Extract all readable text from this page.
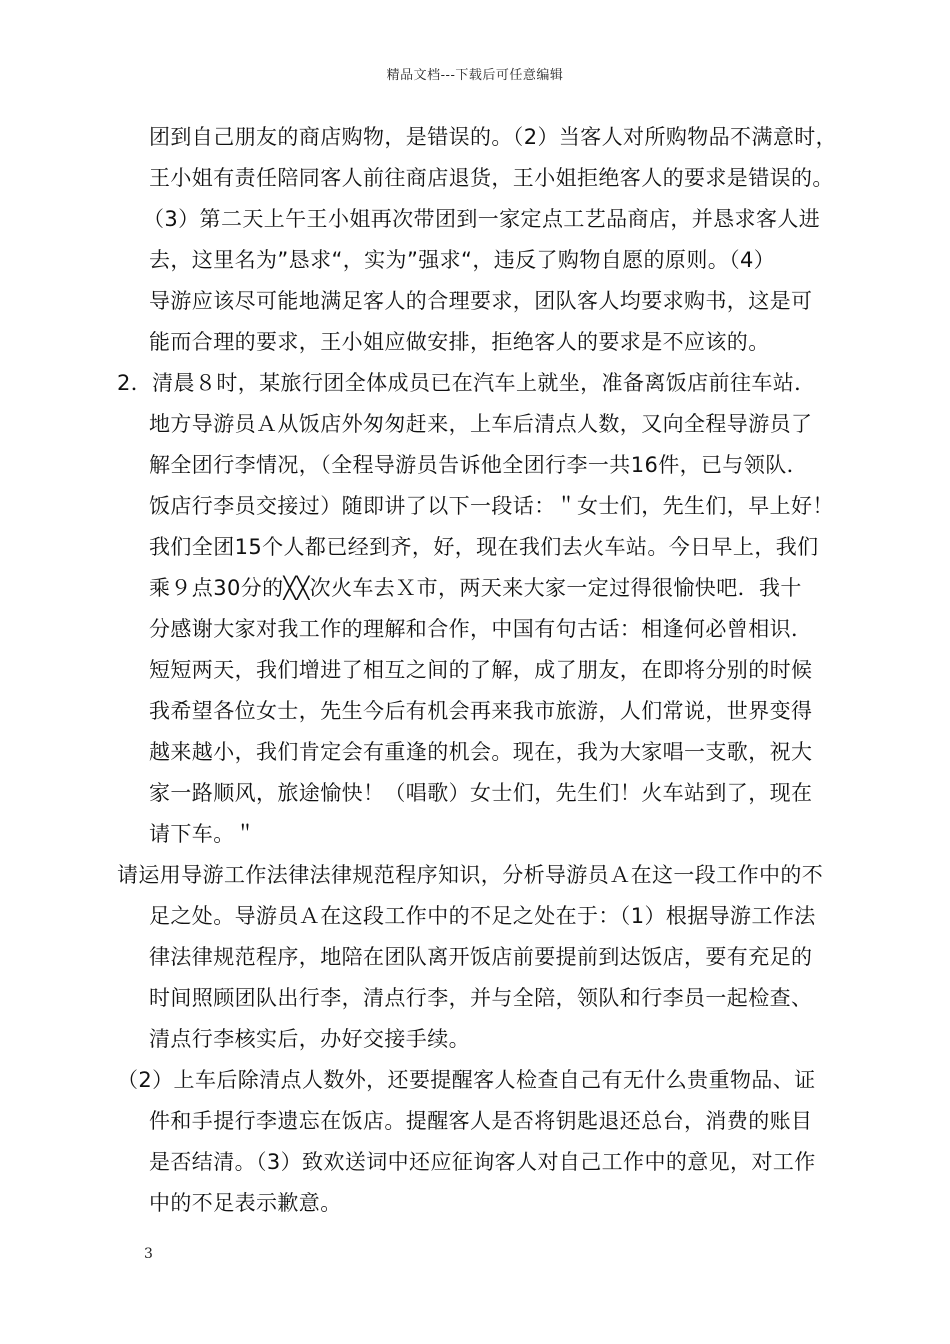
精品文档---下载后可任意编辑
团到自己朋友的商店购物，是错误的。（2）当客人对所购物品不满意时，
王小姐有责任陪同客人前往商店退货，王小姐拒绝客人的要求是错误的。
（3）第二天上午王小姐再次带团到一家定点工艺品商店，并恳求客人进
去，这里名为”恳求“，实为”强求“，违反了购物自愿的原则。（4）
导游应该尽可能地满足客人的合理要求，团队客人均要求购书，这是可
能而合理的要求，王小姐应做安排，拒绝客人的要求是不应该的。
2．清晨８时，某旅行团全体成员已在汽车上就坐，准备离饭店前往车站．
地方导游员Ａ从饭店外匆匆赶来，上车后清点人数，又向全程导游员了
解全团行李情况，（全程导游员告诉他全团行李一共16件，已与领队．
饭店行李员交接过）随即讲了以下一段话：＂女士们，先生们，早上好！
我们全团15个人都已经到齐，好，现在我们去火车站。今日早上，我们
乘９点30分的╳╳次火车去Ｘ市，两天来大家一定过得很愉快吧．我十
分感谢大家对我工作的理解和合作，中国有句古话：相逢何必曾相识．
短短两天，我们增进了相互之间的了解，成了朋友，在即将分别的时候
我希望各位女士，先生今后有机会再来我市旅游，人们常说，世界变得
越来越小，我们肯定会有重逢的机会。现在，我为大家唱一支歌，祝大
家一路顺风，旅途愉快！（唱歌）女士们，先生们！火车站到了，现在
请下车。＂
请运用导游工作法律法律规范程序知识，分析导游员Ａ在这一段工作中的不
足之处。导游员Ａ在这段工作中的不足之处在于：（1）根据导游工作法
律法律规范程序，地陪在团队离开饭店前要提前到达饭店，要有充足的
时间照顾团队出行李，清点行李，并与全陪，领队和行李员一起检查、
清点行李核实后，办好交接手续。
（2）上车后除清点人数外，还要提醒客人检查自己有无什么贵重物品、证
件和手提行李遗忘在饭店。提醒客人是否将钥匙退还总台，消费的账目
是否结清。（3）致欢送词中还应征询客人对自己工作中的意见，对工作
中的不足表示歉意。
3
